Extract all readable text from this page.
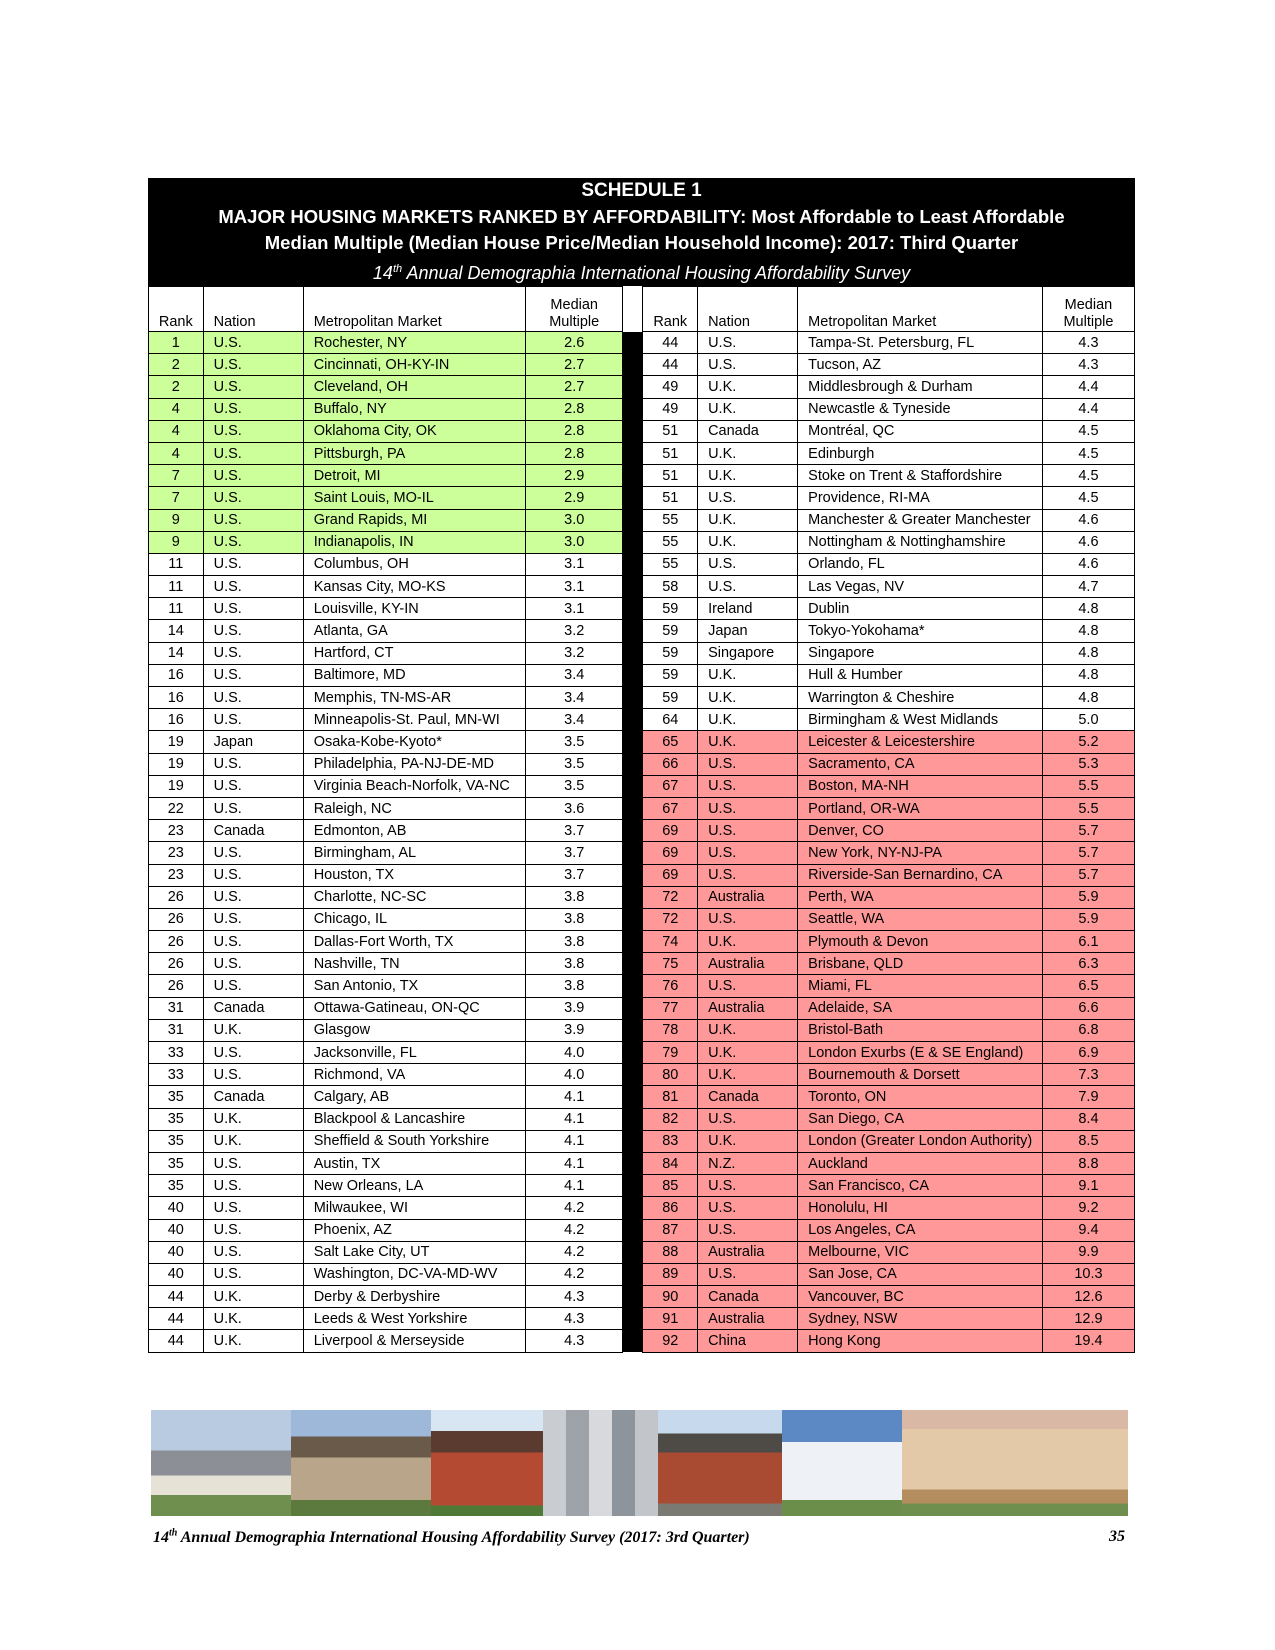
SCHEDULE 1
MAJOR HOUSING MARKETS RANKED BY AFFORDABILITY: Most Affordable to Least Affordable
Median Multiple (Median House Price/Median Household Income): 2017: Third Quarter
14th Annual Demographia International Housing Affordability Survey
Rank	Nation	Metropolitan Market	Median
Multiple		Rank	Nation	Metropolitan Market	Median
Multiple
1	U.S.	Rochester, NY	2.6		44	U.S.	Tampa-St. Petersburg, FL	4.3
2	U.S.	Cincinnati, OH-KY-IN	2.7		44	U.S.	Tucson, AZ	4.3
2	U.S.	Cleveland, OH	2.7		49	U.K.	Middlesbrough & Durham	4.4
4	U.S.	Buffalo, NY	2.8		49	U.K.	Newcastle & Tyneside	4.4
4	U.S.	Oklahoma City, OK	2.8		51	Canada	Montréal, QC	4.5
4	U.S.	Pittsburgh, PA	2.8		51	U.K.	Edinburgh	4.5
7	U.S.	Detroit, MI	2.9		51	U.K.	Stoke on Trent & Staffordshire	4.5
7	U.S.	Saint Louis, MO-IL	2.9		51	U.S.	Providence, RI-MA	4.5
9	U.S.	Grand Rapids, MI	3.0		55	U.K.	Manchester & Greater Manchester	4.6
9	U.S.	Indianapolis, IN	3.0		55	U.K.	Nottingham & Nottinghamshire	4.6
11	U.S.	Columbus, OH	3.1		55	U.S.	Orlando, FL	4.6
11	U.S.	Kansas City, MO-KS	3.1		58	U.S.	Las Vegas, NV	4.7
11	U.S.	Louisville, KY-IN	3.1		59	Ireland	Dublin	4.8
14	U.S.	Atlanta, GA	3.2		59	Japan	Tokyo-Yokohama*	4.8
14	U.S.	Hartford, CT	3.2		59	Singapore	Singapore	4.8
16	U.S.	Baltimore, MD	3.4		59	U.K.	Hull & Humber	4.8
16	U.S.	Memphis, TN-MS-AR	3.4		59	U.K.	Warrington & Cheshire	4.8
16	U.S.	Minneapolis-St. Paul, MN-WI	3.4		64	U.K.	Birmingham & West Midlands	5.0
19	Japan	Osaka-Kobe-Kyoto*	3.5		65	U.K.	Leicester & Leicestershire	5.2
19	U.S.	Philadelphia, PA-NJ-DE-MD	3.5		66	U.S.	Sacramento, CA	5.3
19	U.S.	Virginia Beach-Norfolk, VA-NC	3.5		67	U.S.	Boston, MA-NH	5.5
22	U.S.	Raleigh, NC	3.6		67	U.S.	Portland, OR-WA	5.5
23	Canada	Edmonton, AB	3.7		69	U.S.	Denver, CO	5.7
23	U.S.	Birmingham, AL	3.7		69	U.S.	New York, NY-NJ-PA	5.7
23	U.S.	Houston, TX	3.7		69	U.S.	Riverside-San Bernardino, CA	5.7
26	U.S.	Charlotte, NC-SC	3.8		72	Australia	Perth, WA	5.9
26	U.S.	Chicago, IL	3.8		72	U.S.	Seattle, WA	5.9
26	U.S.	Dallas-Fort Worth, TX	3.8		74	U.K.	Plymouth & Devon	6.1
26	U.S.	Nashville, TN	3.8		75	Australia	Brisbane, QLD	6.3
26	U.S.	San Antonio, TX	3.8		76	U.S.	Miami, FL	6.5
31	Canada	Ottawa-Gatineau, ON-QC	3.9		77	Australia	Adelaide, SA	6.6
31	U.K.	Glasgow	3.9		78	U.K.	Bristol-Bath	6.8
33	U.S.	Jacksonville, FL	4.0		79	U.K.	London Exurbs (E & SE England)	6.9
33	U.S.	Richmond, VA	4.0		80	U.K.	Bournemouth & Dorsett	7.3
35	Canada	Calgary, AB	4.1		81	Canada	Toronto, ON	7.9
35	U.K.	Blackpool & Lancashire	4.1		82	U.S.	San Diego, CA	8.4
35	U.K.	Sheffield & South Yorkshire	4.1		83	U.K.	London (Greater London Authority)	8.5
35	U.S.	Austin, TX	4.1		84	N.Z.	Auckland	8.8
35	U.S.	New Orleans, LA	4.1		85	U.S.	San Francisco, CA	9.1
40	U.S.	Milwaukee, WI	4.2		86	U.S.	Honolulu, HI	9.2
40	U.S.	Phoenix, AZ	4.2		87	U.S.	Los Angeles, CA	9.4
40	U.S.	Salt Lake City, UT	4.2		88	Australia	Melbourne, VIC	9.9
40	U.S.	Washington, DC-VA-MD-WV	4.2		89	U.S.	San Jose, CA	10.3
44	U.K.	Derby & Derbyshire	4.3		90	Canada	Vancouver, BC	12.6
44	U.K.	Leeds & West Yorkshire	4.3		91	Australia	Sydney, NSW	12.9
44	U.K.	Liverpool & Merseyside	4.3		92	China	Hong Kong	19.4
14th Annual Demographia International Housing Affordability Survey (2017: 3rd Quarter)	35
